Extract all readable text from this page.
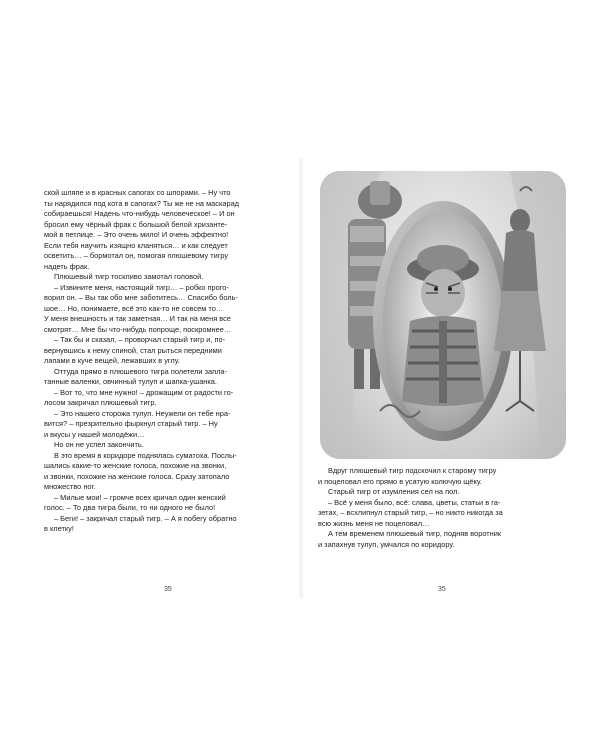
ской шляпе и в красных сапогах со шпорами. – Ну что
ты нарядился под кота в сапогах? Ты же не на маскарад
собираешься! Надень что-нибудь человеческое! – И он
бросил ему чёрный фрак с большой белой хризанте-
мой в петлице. – Это очень мило! И очень эффектно!
Если тебя научить изящно кланяться… и как следует
осветить… – бормотал он, помогая плюшевому тигру
надеть фрак.
Плюшевый тигр тоскливо замотал головой.
– Извините меня, настоящий тигр… – робко прого-
ворил он. – Вы так обо мне заботитесь… Спасибо боль-
шое… Но, понимаете, всё это как-то не совсем то…
У меня внешность и так заметная… И так на меня все
смотрят… Мне бы что-нибудь попроще, поскромнее…
– Так бы и сказал, – проворчал старый тигр и, по-
вернувшись к нему спиной, стал рыться передними
лапами в куче вещей, лежавших в углу.
Оттуда прямо в плюшевого тигра полетели запла-
танные валенки, овчинный тулуп и шапка-ушанка.
– Вот то, что мне нужно! – дрожащим от радости го-
лосом закричал плюшевый тигр.
– Это нашего сторожа тулуп. Неужели он тебе нра-
вится? – презрительно фыркнул старый тигр. – Ну
и вкусы у нашей молодёжи…
Но он не успел закончить.
В это время в коридоре поднялась суматоха. Послы-
шались какие-то женские голоса, похожие на звонки,
и звонки, похожие на женские голоса. Сразу затопало
множество ног.
– Милые мои! – громче всех кричал один женский
голос. – То два тигра были, то ни одного не было!
– Беги! – закричал старый тигр. – А я побегу обратно
в клетку!
35
Вдруг плюшевый тигр подскочил к старому тигру
и поцеловал его прямо в усатую колючую щёку.
Старый тигр от изумления сел на пол.
– Всё у меня было, всё: слава, цветы, статьи в га-
зетах, – всхлипнул старый тигр, – но никто никогда за
всю жизнь меня не поцеловал…
А тем временем плюшевый тигр, подняв воротник
и запахнув тулуп, умчался по коридору.
35
